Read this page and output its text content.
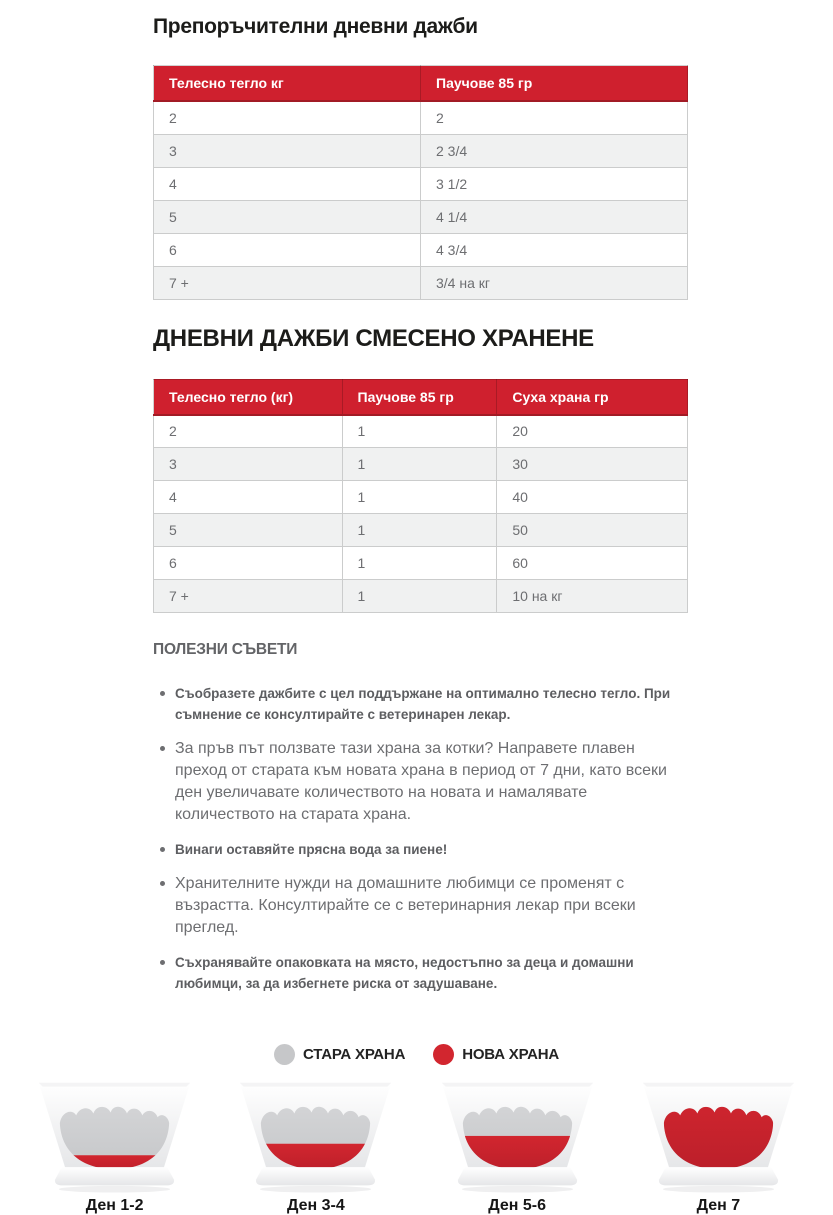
Препоръчителни дневни дажби
Телесно тегло кг	Паучове 85 гр
2	2
3	2 3/4
4	3 1/2
5	4 1/4
6	4 3/4
7 +	3/4 на кг
ДНЕВНИ ДАЖБИ СМЕСЕНО ХРАНЕНЕ
Телесно тегло (кг)	Паучове 85 гр	Суха храна гр
2	1	20
3	1	30
4	1	40
5	1	50
6	1	60
7 +	1	10 на кг
ПОЛЕЗНИ СЪВЕТИ
Съобразете дажбите с цел поддържане на оптимално телесно тегло. При съмнение се консултирайте с ветеринарен лекар.
За пръв път ползвате тази храна за котки? Направете плавен преход от старата към новата храна в период от 7 дни, като всеки ден увеличавате количеството на новата и намалявате количеството на старата храна.
Винаги оставяйте прясна вода за пиене!
Хранителните нужди на домашните любимци се променят с възрастта. Консултирайте се с ветеринарния лекар при всеки преглед.
Съхранявайте опаковката на място, недостъпно за деца и домашни любимци, за да избегнете риска от задушаване.
СТАРА ХРАНА	НОВА ХРАНА
Ден 1-2	Ден 3-4	Ден 5-6	Ден 7
